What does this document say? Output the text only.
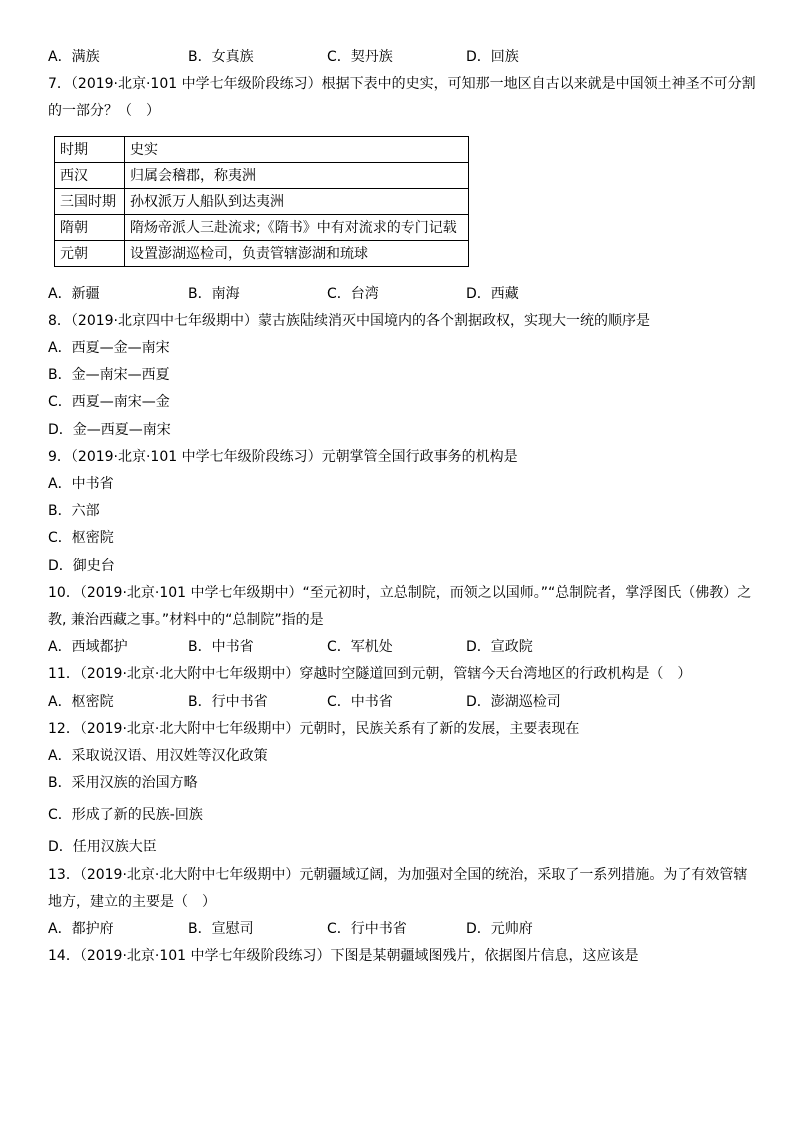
A．满族	B．女真族	C．契丹族	D．回族
7．（2019·北京·101 中学七年级阶段练习）根据下表中的史实，可知那一地区自古以来就是中国领土神圣不可分割
的一部分？（　）
时期	史实
西汉	归属会稽郡，称夷洲
三国时期	孙权派万人船队到达夷洲
隋朝	隋炀帝派人三赴流求;《隋书》中有对流求的专门记载
元朝	设置澎湖巡检司，负责管辖澎湖和琉球
A．新疆	B．南海	C．台湾	D．西藏
8．（2019·北京四中七年级期中）蒙古族陆续消灭中国境内的各个割据政权，实现大一统的顺序是
A．西夏—金—南宋
B．金—南宋—西夏
C．西夏—南宋—金
D．金—西夏—南宋
9．（2019·北京·101 中学七年级阶段练习）元朝掌管全国行政事务的机构是
A．中书省
B．六部
C．枢密院
D．御史台
10．（2019·北京·101 中学七年级期中）“至元初时，立总制院，而领之以国师。”“总制院者，掌浮图氏（佛教）之
教, 兼治西藏之事。”材料中的“总制院”指的是
A．西域都护	B．中书省	C．军机处	D．宣政院
11．（2019·北京·北大附中七年级期中）穿越时空隧道回到元朝，管辖今天台湾地区的行政机构是（　）
A．枢密院	B．行中书省	C．中书省	D．澎湖巡检司
12．（2019·北京·北大附中七年级期中）元朝时，民族关系有了新的发展，主要表现在
A．采取说汉语、用汉姓等汉化政策
B．采用汉族的治国方略
C．形成了新的民族-回族
D．任用汉族大臣
13．（2019·北京·北大附中七年级期中）元朝疆域辽阔，为加强对全国的统治，采取了一系列措施。为了有效管辖
地方，建立的主要是（　）
A．都护府	B．宣慰司	C．行中书省	D．元帅府
14．（2019·北京·101 中学七年级阶段练习）下图是某朝疆域图残片，依据图片信息，这应该是
